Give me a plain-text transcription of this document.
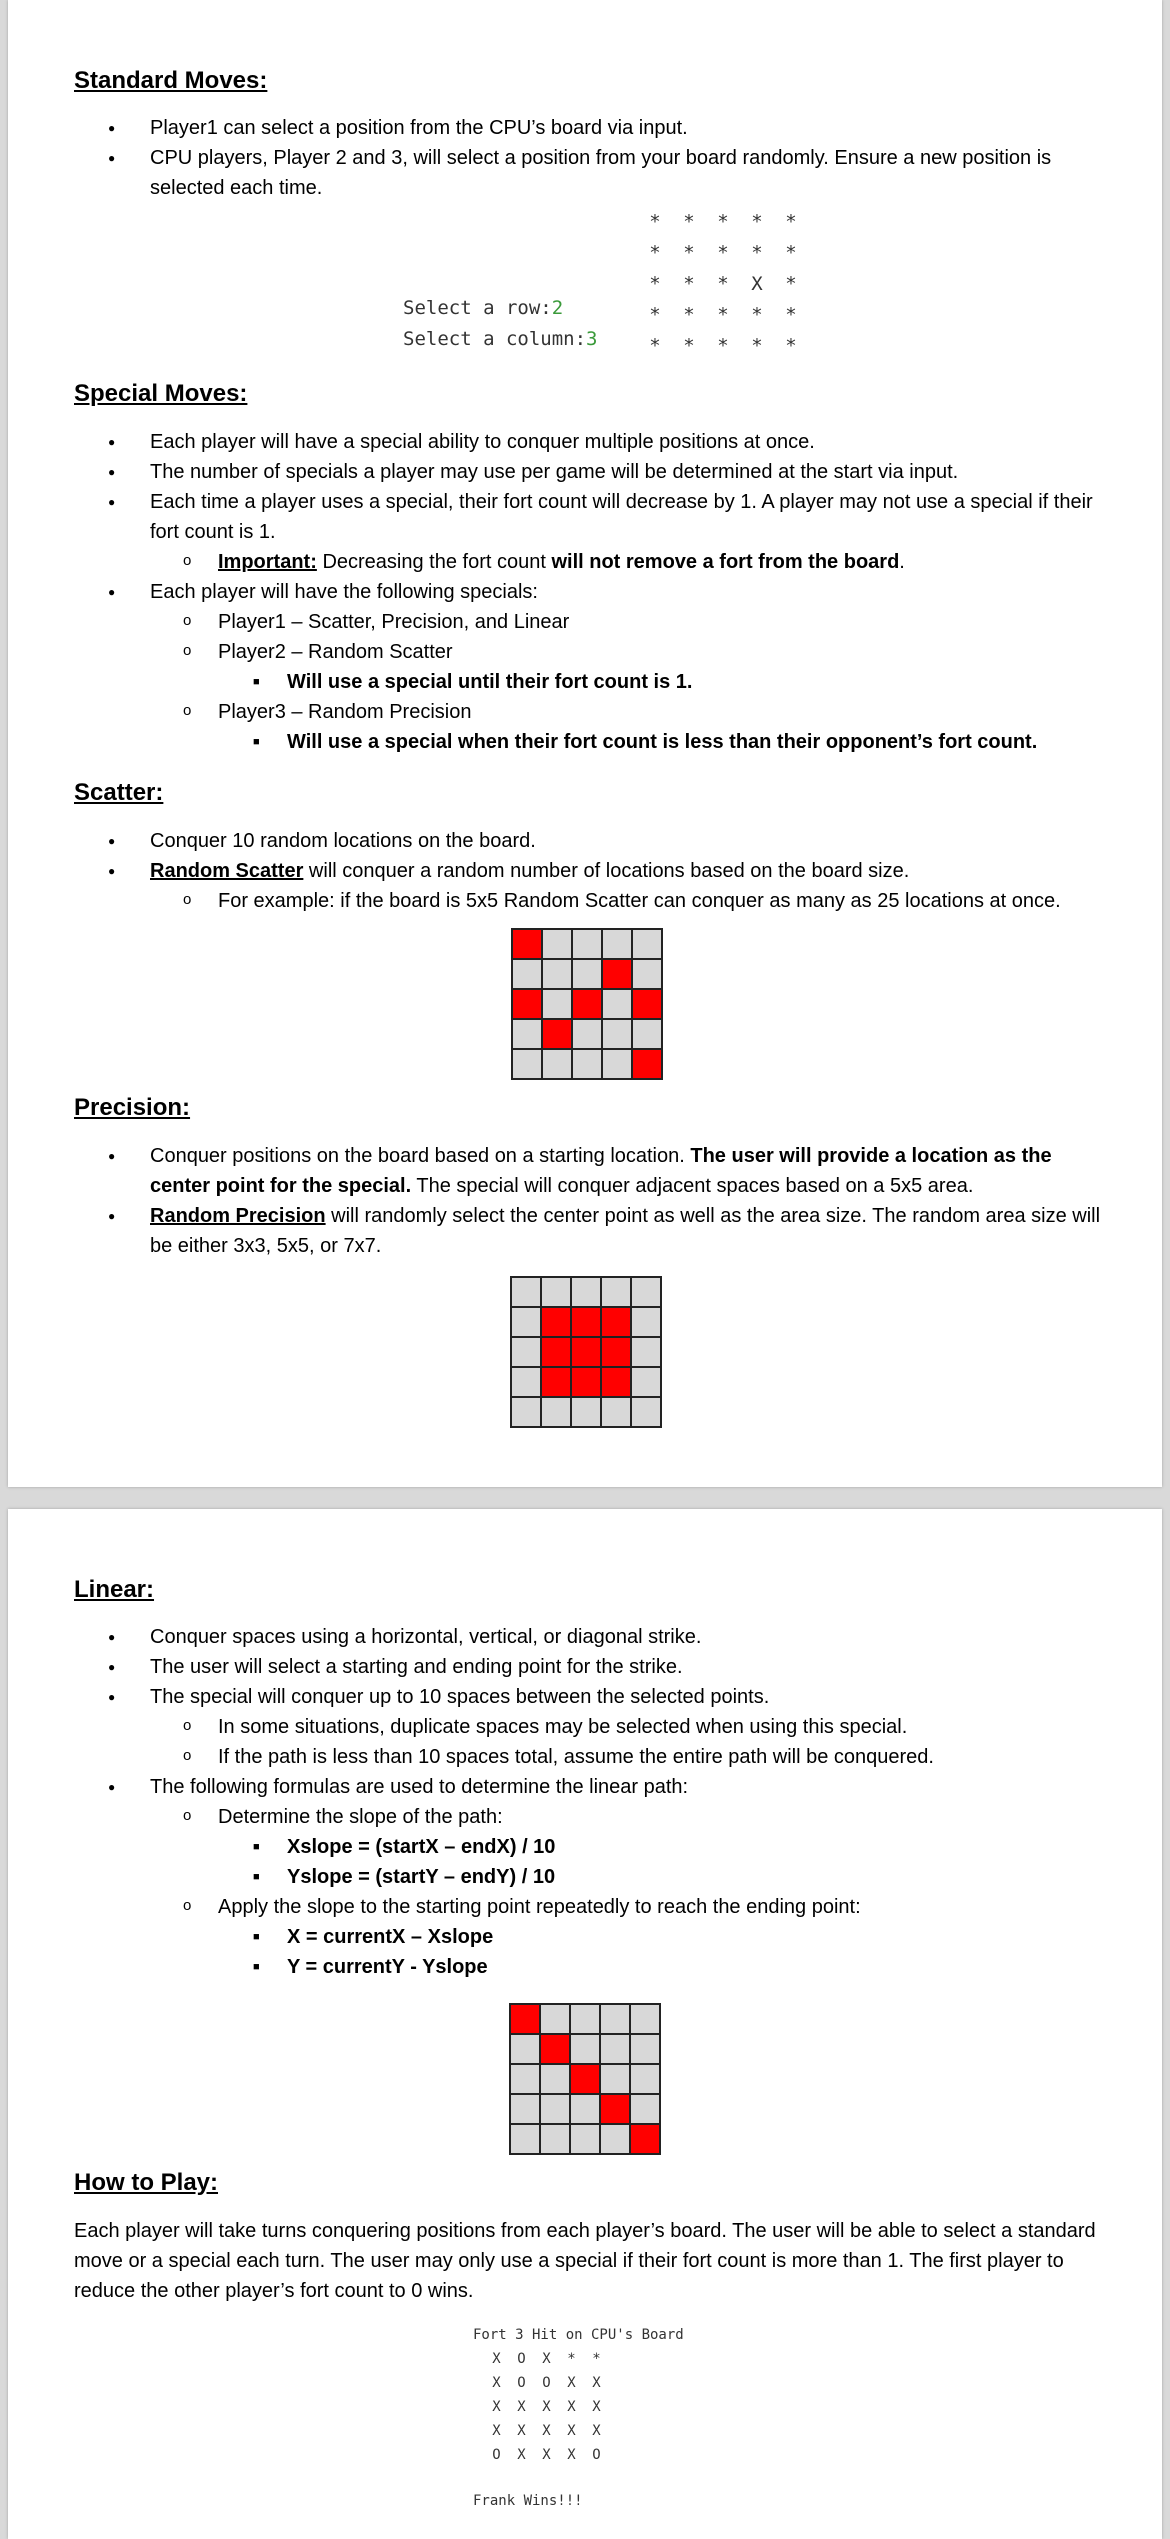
Standard Moves:
● Player1 can select a position from the CPU’s board via input.
● CPU players, Player 2 and 3, will select a position from your board randomly. Ensure a new position is selected each time.
Select a row:2
Select a column:3
* * * * *
* * * * *
* * * X *
* * * * *
* * * * *
Special Moves:
● Each player will have a special ability to conquer multiple positions at once.
● The number of specials a player may use per game will be determined at the start via input.
● Each time a player uses a special, their fort count will decrease by 1. A player may not use a special if their fort count is 1.
o Important: Decreasing the fort count will not remove a fort from the board.
● Each player will have the following specials:
o Player1 – Scatter, Precision, and Linear
o Player2 – Random Scatter
■ Will use a special until their fort count is 1.
o Player3 – Random Precision
■ Will use a special when their fort count is less than their opponent’s fort count.
Scatter:
● Conquer 10 random locations on the board.
● Random Scatter will conquer a random number of locations based on the board size.
o For example: if the board is 5x5 Random Scatter can conquer as many as 25 locations at once.
Precision:
● Conquer positions on the board based on a starting location. The user will provide a location as the center point for the special. The special will conquer adjacent spaces based on a 5x5 area.
● Random Precision will randomly select the center point as well as the area size. The random area size will be either 3x3, 5x5, or 7x7.
Linear:
● Conquer spaces using a horizontal, vertical, or diagonal strike.
● The user will select a starting and ending point for the strike.
● The special will conquer up to 10 spaces between the selected points.
o In some situations, duplicate spaces may be selected when using this special.
o If the path is less than 10 spaces total, assume the entire path will be conquered.
● The following formulas are used to determine the linear path:
o Determine the slope of the path:
■ Xslope = (startX – endX) / 10
■ Yslope = (startY – endY) / 10
o Apply the slope to the starting point repeatedly to reach the ending point:
■ X = currentX – Xslope
■ Y = currentY - Yslope
How to Play:

Each player will take turns conquering positions from each player’s board. The user will be able to select a standard move or a special each turn. The user may only use a special if their fort count is more than 1. The first player to reduce the other player’s fort count to 0 wins.

Fort 3 Hit on CPU's Board
X O X * *
X O O X X
X X X X X
X X X X X
O X X X O
Frank Wins!!!
